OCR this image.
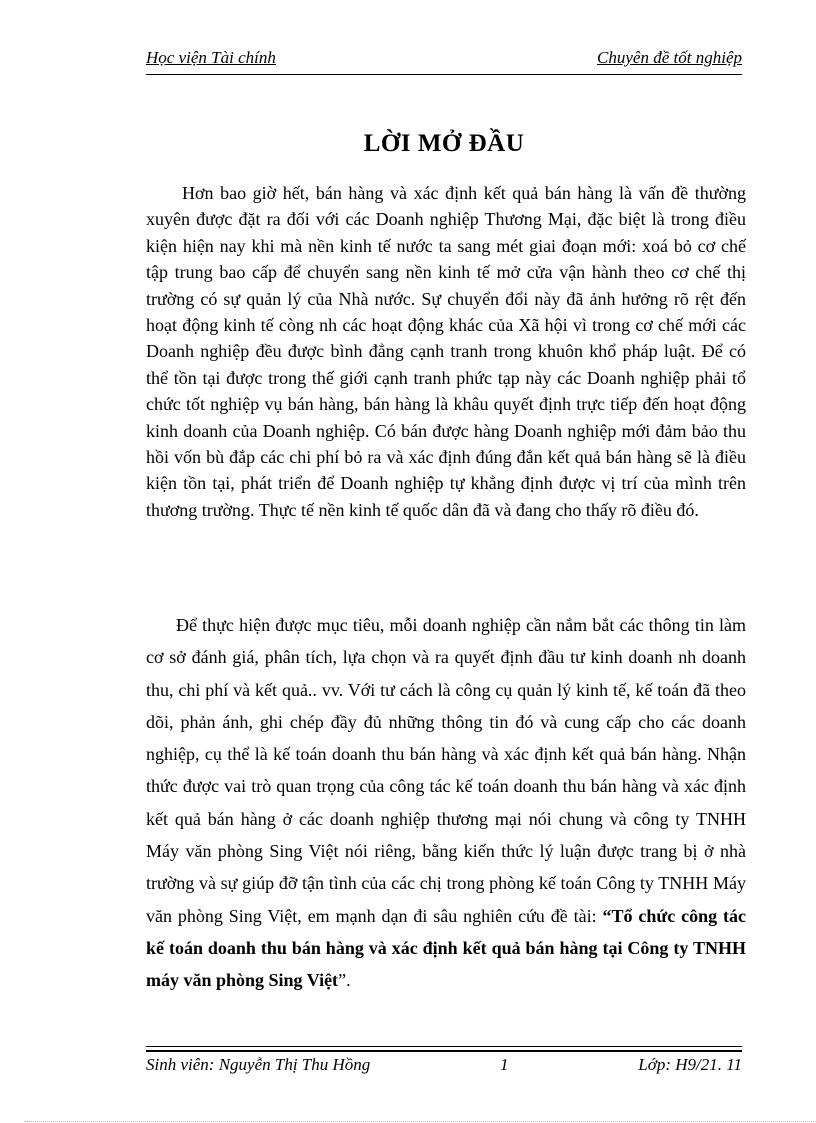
Học viện Tài chính	Chuyên đề tốt nghiệp
LỜI MỞ ĐẦU

Hơn bao giờ hết, bán hàng và xác định kết quả bán hàng là vấn đề thường xuyên được đặt ra đối với các Doanh nghiệp Thương Mại, đặc biệt là trong điều kiện hiện nay khi mà nền kinh tế nước ta sang mét giai đoạn mới: xoá bỏ cơ chế tập trung bao cấp để chuyển sang nền kinh tế mở cửa vận hành theo cơ chế thị trường có sự quản lý của Nhà nước. Sự chuyển đổi này đã ảnh hưởng rõ rệt đến hoạt động kinh tế còng nh các hoạt động khác của Xã hội vì trong cơ chế mới các Doanh nghiệp đều được bình đẳng cạnh tranh trong khuôn khổ pháp luật. Để có thể tồn tại được trong thế giới cạnh tranh phức tạp này các Doanh nghiệp phải tổ chức tốt nghiệp vụ bán hàng, bán hàng là khâu quyết định trực tiếp đến hoạt động kinh doanh của Doanh nghiệp. Có bán được hàng Doanh nghiệp mới đảm bảo thu hồi vốn bù đắp các chi phí bỏ ra và xác định đúng đắn kết quả bán hàng sẽ là điều kiện tồn tại, phát triển để Doanh nghiệp tự khẳng định được vị trí của mình trên thương trường. Thực tế nền kinh tế quốc dân đã và đang cho thấy rõ điều đó.

Để thực hiện được mục tiêu, mỗi doanh nghiệp cần nắm bắt các thông tin làm cơ sở đánh giá, phân tích, lựa chọn và ra quyết định đầu tư kinh doanh nh doanh thu, chi phí và kết quả.. vv. Với tư cách là công cụ quản lý kinh tế, kế toán đã theo dõi, phản ánh, ghi chép đầy đủ những thông tin đó và cung cấp cho các doanh nghiệp, cụ thể là kế toán doanh thu bán hàng và xác định kết quả bán hàng. Nhận thức được vai trò quan trọng của công tác kế toán doanh thu bán hàng và xác định kết quả bán hàng ở các doanh nghiệp thương mại nói chung và công ty TNHH Máy văn phòng Sing Việt nói riêng, bằng kiến thức lý luận được trang bị ở nhà trường và sự giúp đỡ tận tình của các chị trong phòng kế toán Công ty TNHH Máy văn phòng Sing Việt, em mạnh dạn đi sâu nghiên cứu đề tài: “Tổ chức công tác kế toán doanh thu bán hàng và xác định kết quả bán hàng tại Công ty TNHH máy văn phòng Sing Việt”.

Sinh viên: Nguyễn Thị Thu Hồng	1	Lớp: H9/21. 11
